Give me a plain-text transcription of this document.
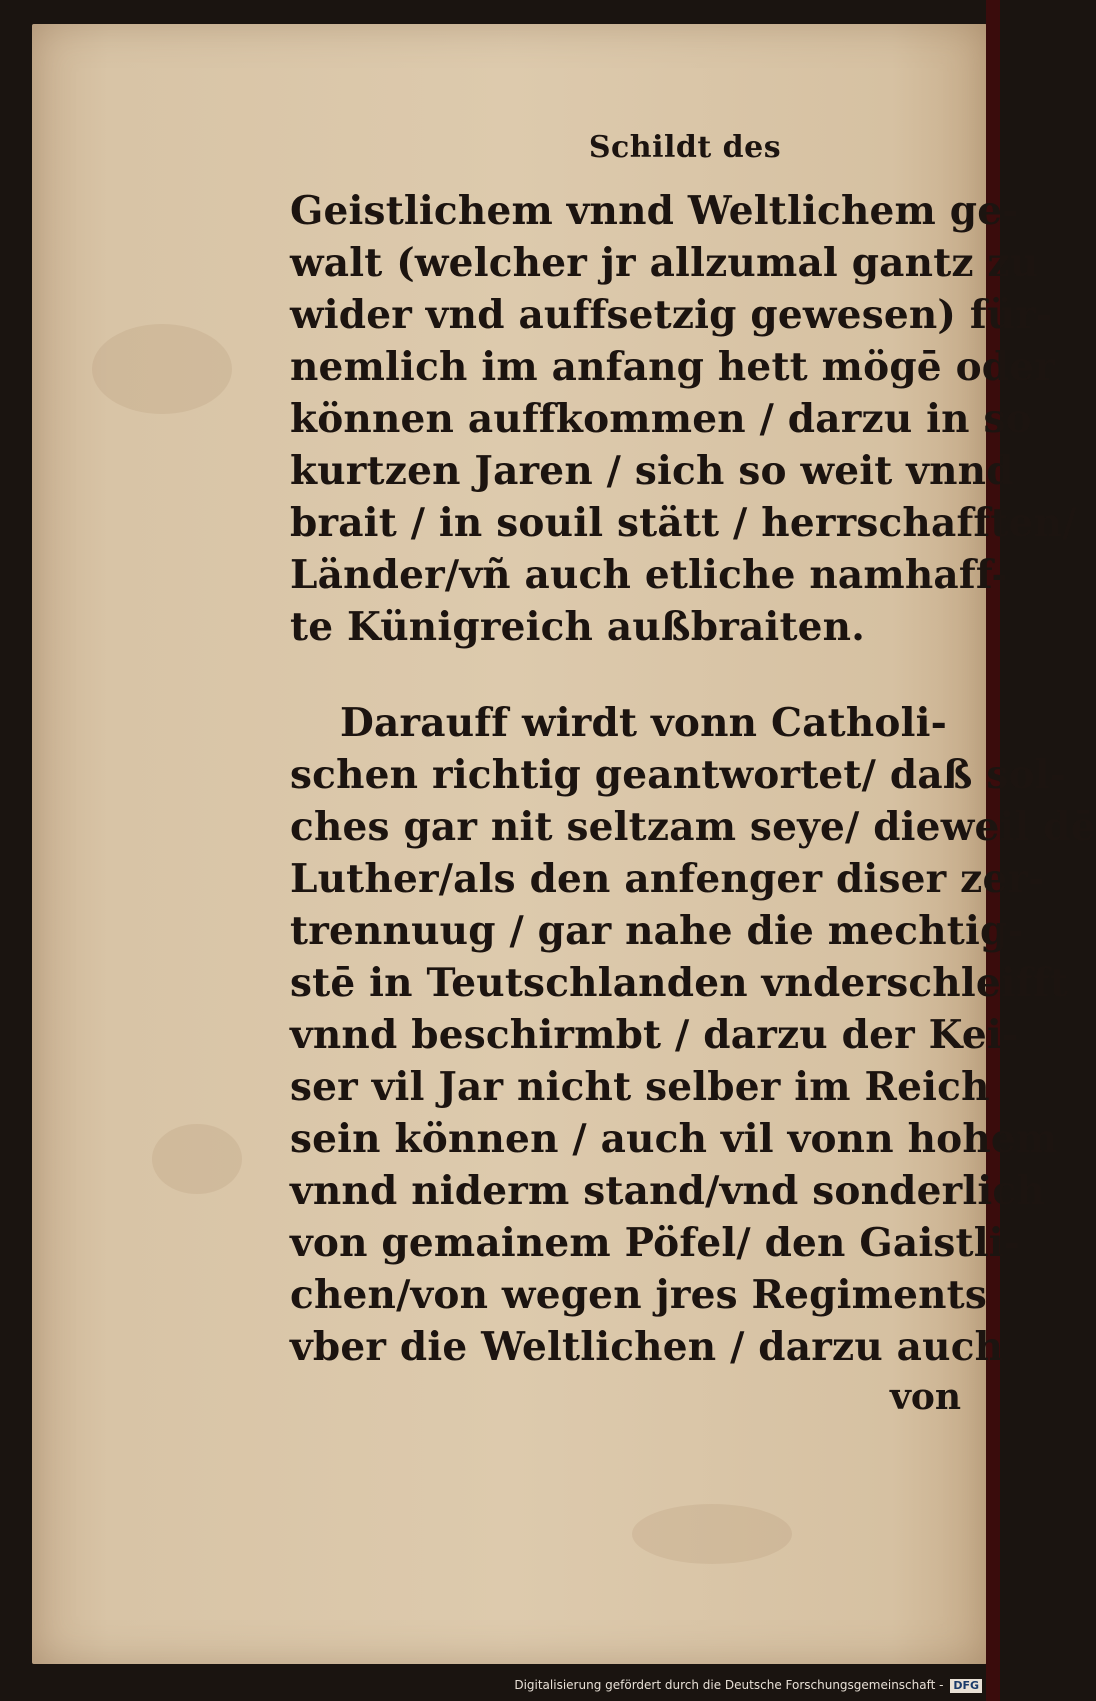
Schildt des
Geistlichem vnnd Weltlichem ge-
walt (welcher jr allzumal gantz zu
wider vnd auffsetzig gewesen) für-
nemlich im anfang hett mögē oder
können auffkommen / darzu in so
kurtzen Jaren / sich so weit vnnd
brait / in souil stätt / herrschafften/
Länder/vñ auch etliche namhaff-
te Künigreich außbraiten.
Darauff wirdt vonn Catholi-
schen richtig geantwortet/ daß sol-
ches gar nit seltzam seye/ dieweil dē
Luther/als den anfenger diser zer-
trennuug / gar nahe die mechtig-
stē in Teutschlanden vnderschleifft
vnnd beschirmbt / darzu der Kei-
ser vil Jar nicht selber im Reich
sein können / auch vil vonn hohem
vnnd niderm stand/vnd sonderlich
von gemainem Pöfel/ den Gaistli-
chen/von wegen jres Regiments
vber die Weltlichen / darzu auch
von
Digitalisierung gefördert durch die Deutsche Forschungsgemeinschaft - DFG
